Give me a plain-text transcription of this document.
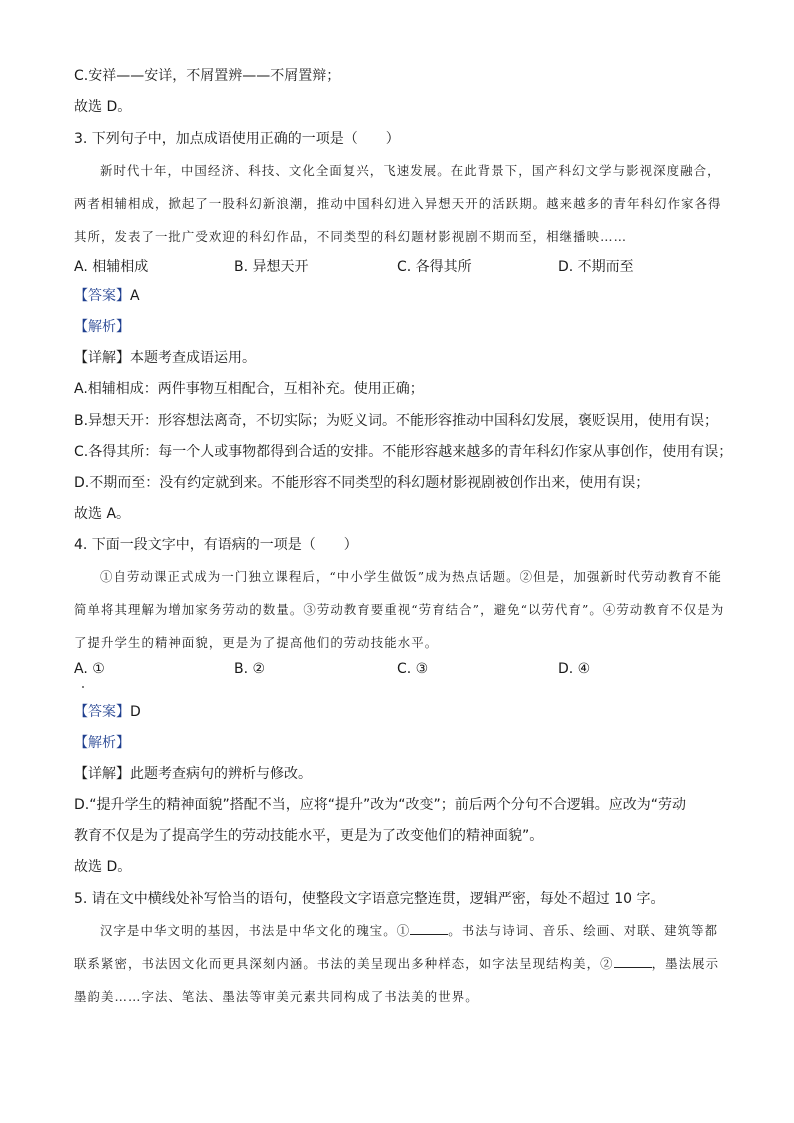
C.安祥——安详，不屑置辨——不屑置辩；
故选 D。
3. 下列句子中，加点成语使用正确的一项是（　　）
新时代十年，中国经济、科技、文化全面复兴，飞速发展。在此背景下，国产科幻文学与影视深度融合，两者相辅相成，掀起了一股科幻新浪潮，推动中国科幻进入异想天开的活跃期。越来越多的青年科幻作家各得其所，发表了一批广受欢迎的科幻作品，不同类型的科幻题材影视剧不期而至，相继播映……
A. 相辅相成	B. 异想天开	C. 各得其所	D. 不期而至
【答案】A
【解析】
【详解】本题考查成语运用。
A.相辅相成：两件事物互相配合，互相补充。使用正确；
B.异想天开：形容想法离奇，不切实际；为贬义词。不能形容推动中国科幻发展，褒贬误用，使用有误；
C.各得其所：每一个人或事物都得到合适的安排。不能形容越来越多的青年科幻作家从事创作，使用有误；
D.不期而至：没有约定就到来。不能形容不同类型的科幻题材影视剧被创作出来，使用有误；
故选 A。
4. 下面一段文字中，有语病的一项是（　　）
①自劳动课正式成为一门独立课程后，“中小学生做饭”成为热点话题。②但是，加强新时代劳动教育不能简单将其理解为增加家务劳动的数量。③劳动教育要重视“劳育结合”，避免“以劳代育”。④劳动教育不仅是为了提升学生的精神面貌，更是为了提高他们的劳动技能水平。
A. ①	B. ②	C. ③	D. ④
【答案】D
【解析】
【详解】此题考查病句的辨析与修改。
D.“提升学生的精神面貌”搭配不当，应将“提升”改为“改变”；前后两个分句不合逻辑。应改为“劳动
教育不仅是为了提高学生的劳动技能水平，更是为了改变他们的精神面貌”。
故选 D。
5. 请在文中横线处补写恰当的语句，使整段文字语意完整连贯，逻辑严密，每处不超过 10 字。
汉字是中华文明的基因，书法是中华文化的瑰宝。①	。书法与诗词、音乐、绘画、对联、建筑等都联系紧密，书法因文化而更具深刻内涵。书法的美呈现出多种样态，如字法呈现结构美，②	，墨法展示墨韵美……字法、笔法、墨法等审美元素共同构成了书法美的世界。
